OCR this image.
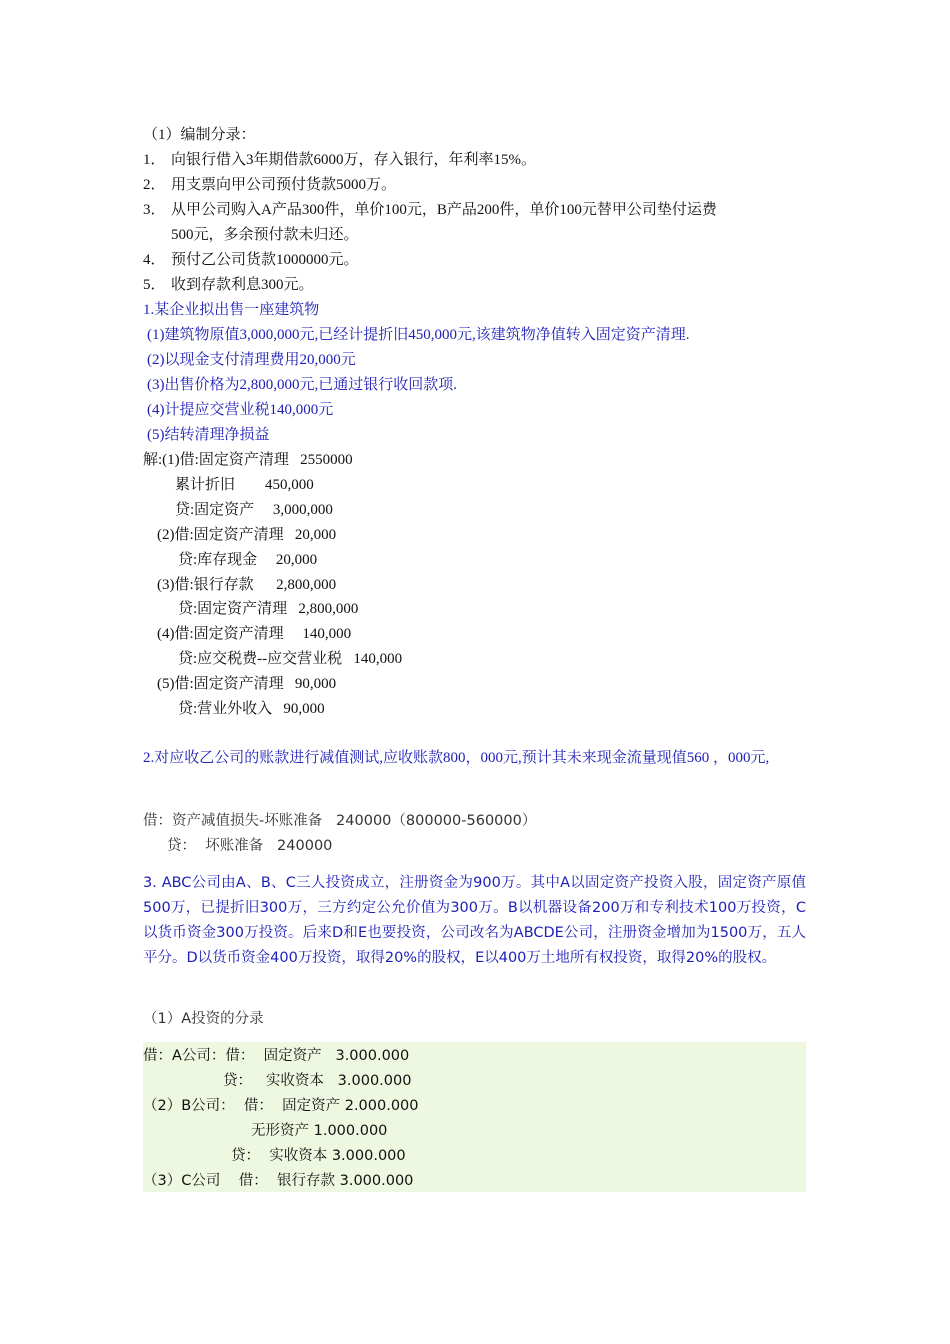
（1）编制分录：
1． 向银行借入3年期借款6000万，存入银行，年利率15%。
2． 用支票向甲公司预付货款5000万。
3． 从甲公司购入A产品300件，单价100元，B产品200件，单价100元替甲公司垫付运费
500元，多余预付款未归还。
4． 预付乙公司货款1000000元。
5． 收到存款利息300元。
1.某企业拟出售一座建筑物
(1)建筑物原值3,000,000元,已经计提折旧450,000元,该建筑物净值转入固定资产清理.
(2)以现金支付清理费用20,000元
(3)出售价格为2,800,000元,已通过银行收回款项.
(4)计提应交营业税140,000元
(5)结转清理净损益
解:(1)借:固定资产清理   2550000
累计折旧        450,000
贷:固定资产     3,000,000
(2)借:固定资产清理   20,000
贷:库存现金     20,000
(3)借:银行存款      2,800,000
贷:固定资产清理   2,800,000
(4)借:固定资产清理     140,000
贷:应交税费--应交营业税   140,000
(5)借:固定资产清理   90,000
贷:营业外收入   90,000
2.对应收乙公司的账款进行减值测试,应收账款800，000元,预计其未来现金流量现值560 ，000元,
借：资产减值损失-坏账准备   240000（800000-560000）
贷：  坏账准备   240000
3. ABC公司由A、B、C三人投资成立，注册资金为900万。其中A以固定资产投资入股，固定资产原值500万，已提折旧300万，三方约定公允价值为300万。B以机器设备200万和专利技术100万投资，C以货币资金300万投资。后来D和E也要投资，公司改名为ABCDE公司，注册资金增加为1500万，五人平分。D以货币资金400万投资，取得20%的股权，E以400万土地所有权投资，取得20%的股权。
（1）A投资的分录
借：A公司：借：  固定资产   3.000.000
贷：   实收资本   3.000.000
（2）B公司：  借：  固定资产 2.000.000
无形资产 1.000.000
贷：  实收资本 3.000.000
（3）C公司    借：  银行存款 3.000.000
